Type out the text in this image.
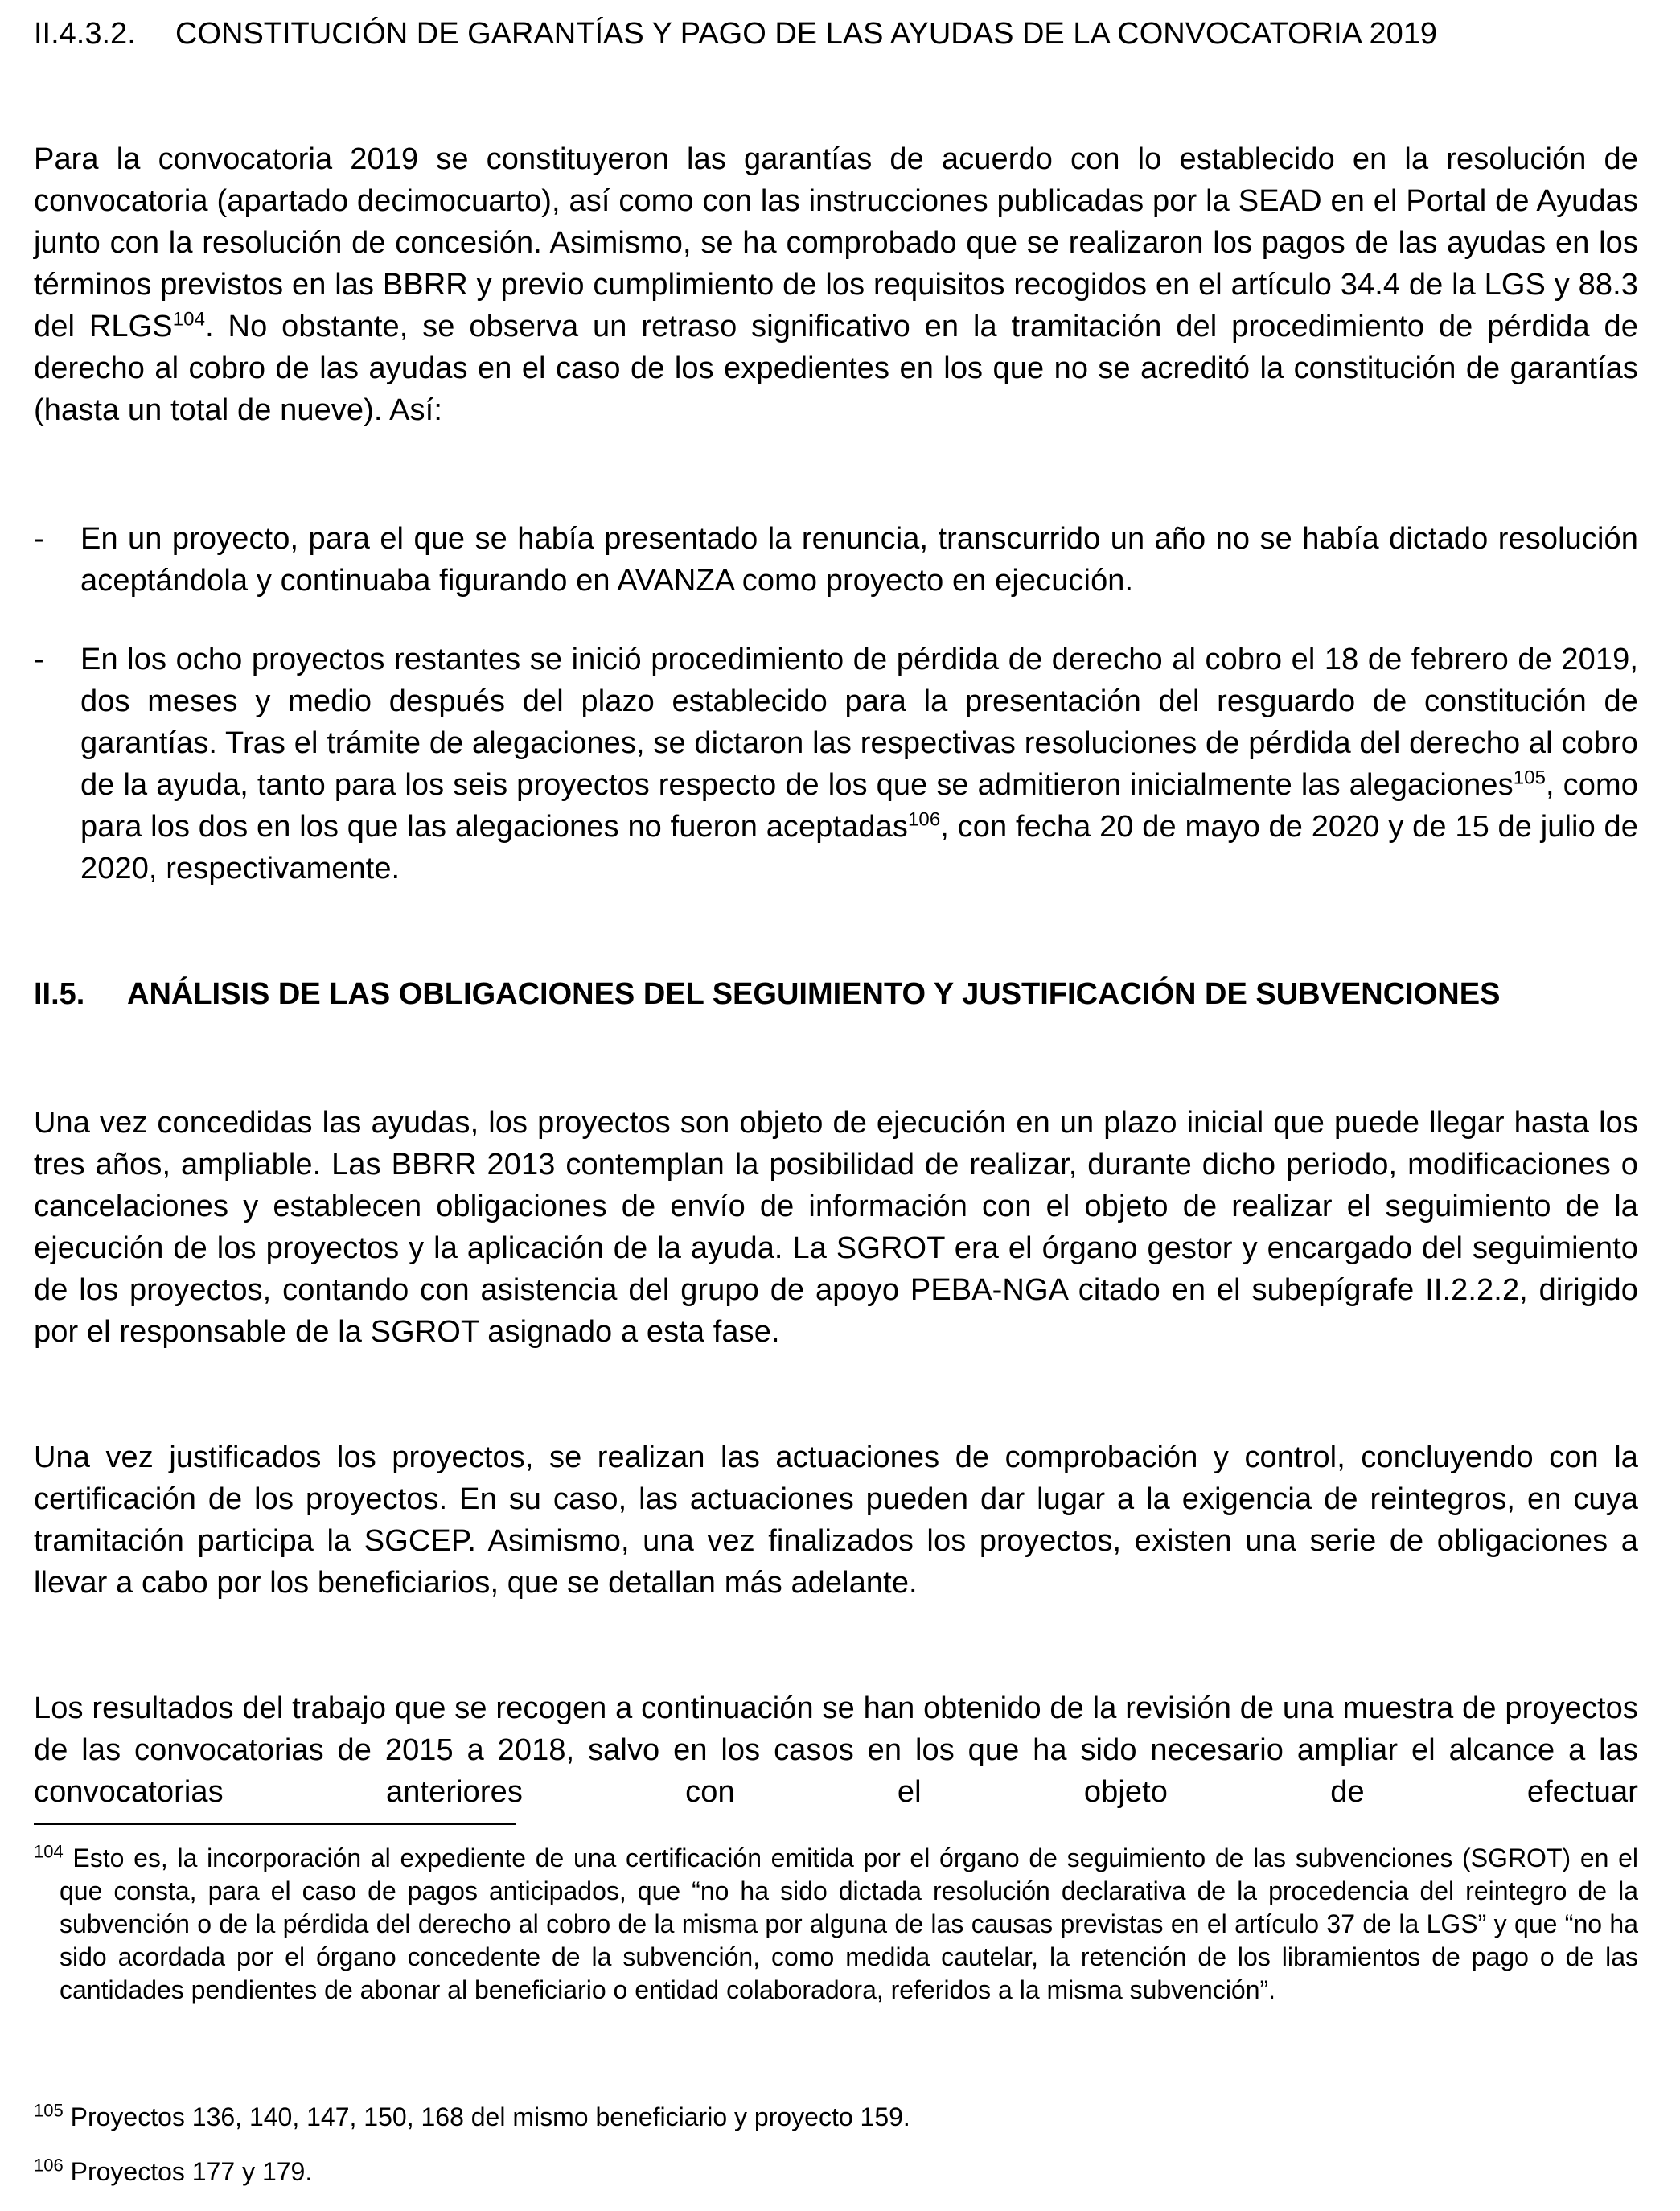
II.4.3.2.	CONSTITUCIÓN DE GARANTÍAS Y PAGO DE LAS AYUDAS DE LA CONVOCATORIA 2019

Para la convocatoria 2019 se constituyeron las garantías de acuerdo con lo establecido en la resolución de convocatoria (apartado decimocuarto), así como con las instrucciones publicadas por la SEAD en el Portal de Ayudas junto con la resolución de concesión. Asimismo, se ha comprobado que se realizaron los pagos de las ayudas en los términos previstos en las BBRR y previo cumplimiento de los requisitos recogidos en el artículo 34.4 de la LGS y 88.3 del RLGS$^{104}$. No obstante, se observa un retraso significativo en la tramitación del procedimiento de pérdida de derecho al cobro de las ayudas en el caso de los expedientes en los que no se acreditó la constitución de garantías (hasta un total de nueve). Así:

- En un proyecto, para el que se había presentado la renuncia, transcurrido un año no se había dictado resolución aceptándola y continuaba figurando en AVANZA como proyecto en ejecución.

- En los ocho proyectos restantes se inició procedimiento de pérdida de derecho al cobro el 18 de febrero de 2019, dos meses y medio después del plazo establecido para la presentación del resguardo de constitución de garantías. Tras el trámite de alegaciones, se dictaron las respectivas resoluciones de pérdida del derecho al cobro de la ayuda, tanto para los seis proyectos respecto de los que se admitieron inicialmente las alegaciones$^{105}$, como para los dos en los que las alegaciones no fueron aceptadas$^{106}$, con fecha 20 de mayo de 2020 y de 15 de julio de 2020, respectivamente.

II.5.	ANÁLISIS DE LAS OBLIGACIONES DEL SEGUIMIENTO Y JUSTIFICACIÓN DE SUBVENCIONES

Una vez concedidas las ayudas, los proyectos son objeto de ejecución en un plazo inicial que puede llegar hasta los tres años, ampliable. Las BBRR 2013 contemplan la posibilidad de realizar, durante dicho periodo, modificaciones o cancelaciones y establecen obligaciones de envío de información con el objeto de realizar el seguimiento de la ejecución de los proyectos y la aplicación de la ayuda. La SGROT era el órgano gestor y encargado del seguimiento de los proyectos, contando con asistencia del grupo de apoyo PEBA-NGA citado en el subepígrafe II.2.2.2, dirigido por el responsable de la SGROT asignado a esta fase.

Una vez justificados los proyectos, se realizan las actuaciones de comprobación y control, concluyendo con la certificación de los proyectos. En su caso, las actuaciones pueden dar lugar a la exigencia de reintegros, en cuya tramitación participa la SGCEP. Asimismo, una vez finalizados los proyectos, existen una serie de obligaciones a llevar a cabo por los beneficiarios, que se detallan más adelante.

Los resultados del trabajo que se recogen a continuación se han obtenido de la revisión de una muestra de proyectos de las convocatorias de 2015 a 2018, salvo en los casos en los que ha sido necesario ampliar el alcance a las convocatorias anteriores con el objeto de efectuar

$^{104}$ Esto es, la incorporación al expediente de una certificación emitida por el órgano de seguimiento de las subvenciones (SGROT) en el que consta, para el caso de pagos anticipados, que “no ha sido dictada resolución declarativa de la procedencia del reintegro de la subvención o de la pérdida del derecho al cobro de la misma por alguna de las causas previstas en el artículo 37 de la LGS” y que “no ha sido acordada por el órgano concedente de la subvención, como medida cautelar, la retención de los libramientos de pago o de las cantidades pendientes de abonar al beneficiario o entidad colaboradora, referidos a la misma subvención”.
$^{105}$ Proyectos 136, 140, 147, 150, 168 del mismo beneficiario y proyecto 159.
$^{106}$ Proyectos 177 y 179.
